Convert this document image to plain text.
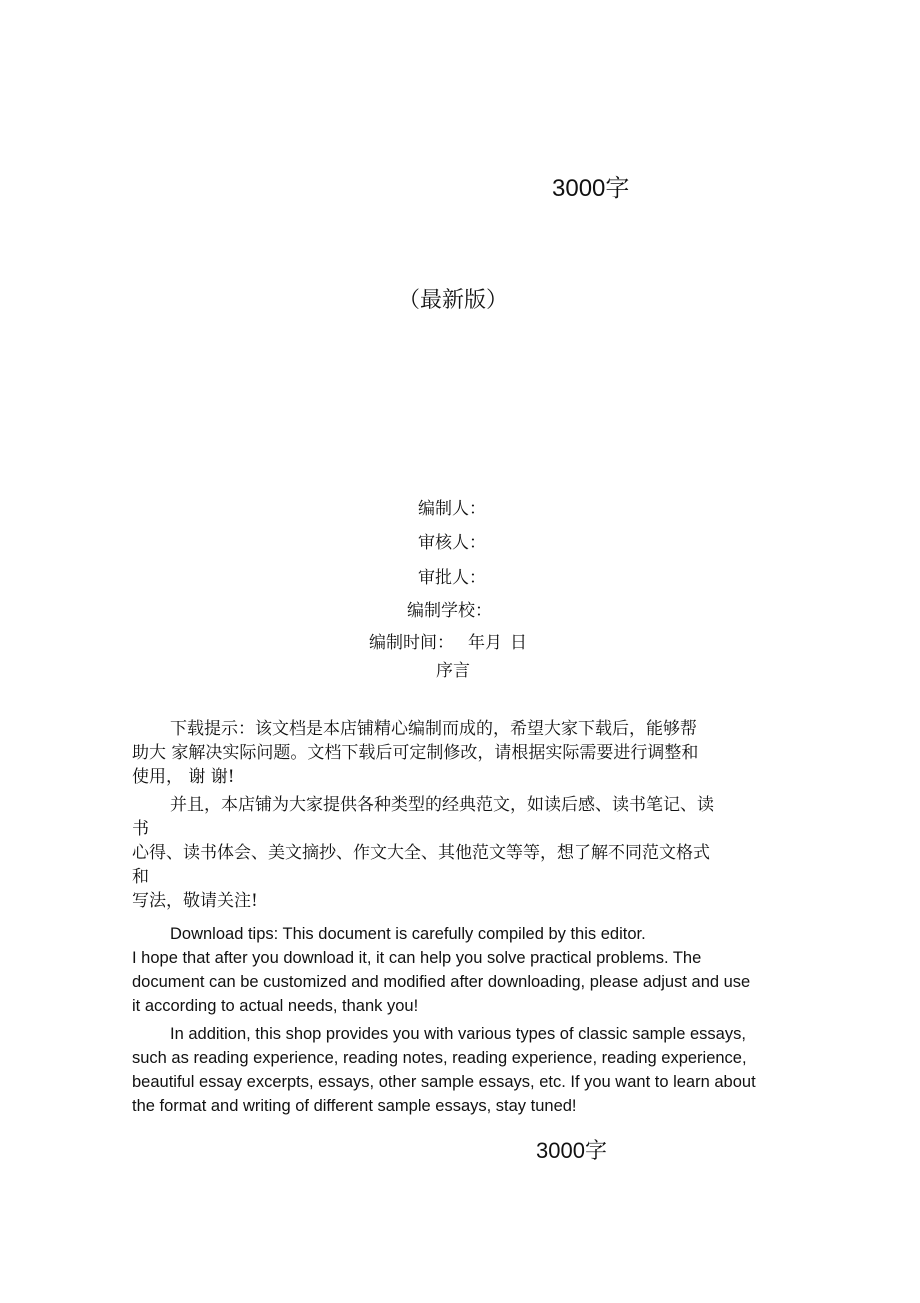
3000字
（最新版）
编制人：
审核人：
审批人：
编制学校：
编制时间： 年月 日
序言
下载提示：该文档是本店铺精心编制而成的，希望大家下载后，能够帮
助大 家解决实际问题。文档下载后可定制修改，请根据实际需要进行调整和
使用， 谢 谢!
并且，本店铺为大家提供各种类型的经典范文，如读后感、读书笔记、读
书
心得、读书体会、美文摘抄、作文大全、其他范文等等，想了解不同范文格式
和
写法，敬请关注!
Download tips: This document is carefully compiled by this editor.
I hope that after you download it, it can help you solve practical problems. The
document can be customized and modified after downloading, please adjust and use
it according to actual needs, thank you!
In addition, this shop provides you with various types of classic sample essays,
such as reading experience, reading notes, reading experience, reading experience,
beautiful essay excerpts, essays, other sample essays, etc. If you want to learn about
the format and writing of different sample essays, stay tuned!
3000字
